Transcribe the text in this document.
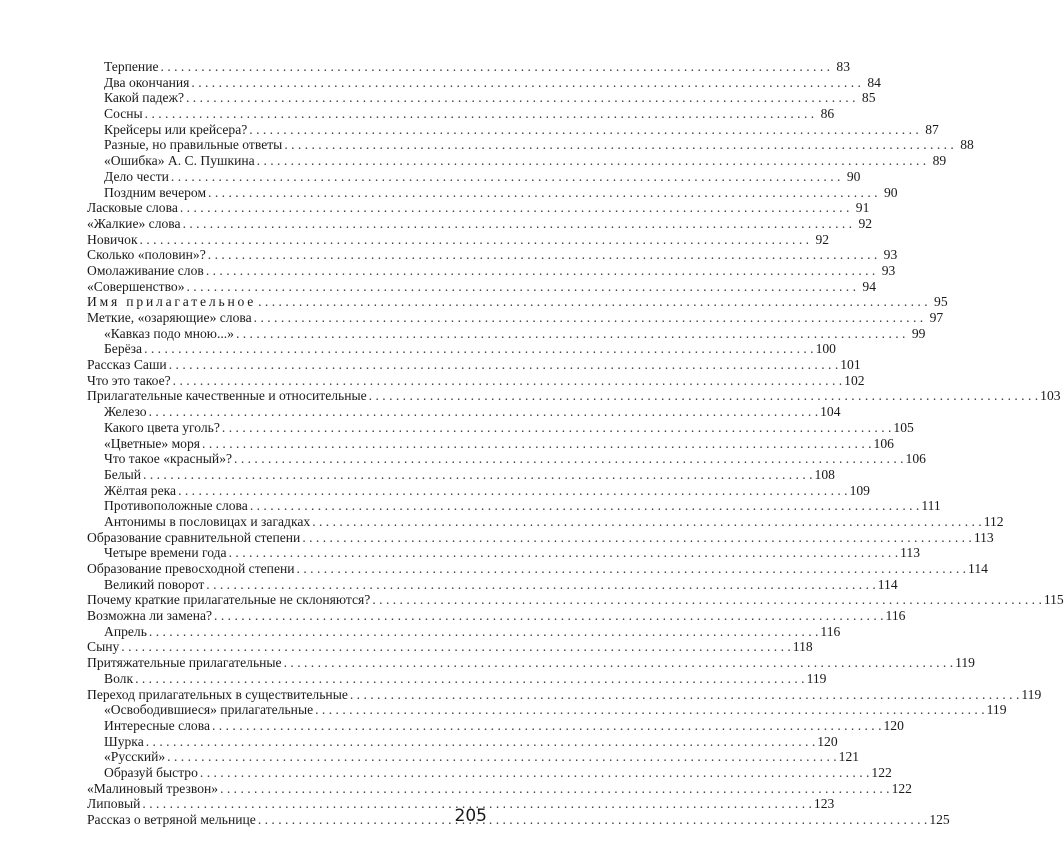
Терпение . . .	83
Два окончания . . .	84
Какой падеж? . . .	85
Сосны . . .	86
Крейсеры или крейсера? . . .	87
Разные, но правильные ответы . . .	88
«Ошибка» А. С. Пушкина . . .	89
Дело чести . . .	90
Поздним вечером . . .	90
Ласковые слова . . .	91
«Жалкие» слова . . .	92
Новичок . . .	92
Сколько «половин»? . . .	93
Омолаживание слов . . .	93
«Совершенство» . . .	94
Имя прилагательное . . .	95
Меткие, «озаряющие» слова . . .	97
«Кавказ подо мною...» . . .	99
Берёза . . .	100
Рассказ Саши . . .	101
Что это такое? . . .	102
Прилагательные качественные и относительные . . .	103
Железо . . .	104
Какого цвета уголь? . . .	105
«Цветные» моря . . .	106
Что такое «красный»? . . .	106
Белый . . .	108
Жёлтая река . . .	109
Противоположные слова . . .	111
Антонимы в пословицах и загадках . . .	112
Образование сравнительной степени . . .	113
Четыре времени года . . .	113
Образование превосходной степени . . .	114
Великий поворот . . .	114
Почему краткие прилагательные не склоняются? . . .	115
Возможна ли замена? . . .	116
Апрель . . .	116
Сыну . . .	118
Притяжательные прилагательные . . .	119
Волк . . .	119
Переход прилагательных в существительные . . .	119
«Освободившиеся» прилагательные . . .	119
Интересные слова . . .	120
Шурка . . .	120
«Русский» . . .	121
Образуй быстро . . .	122
«Малиновый трезвон» . . .	122
Липовый . . .	123
Рассказ о ветряной мельнице . . .	125
205
